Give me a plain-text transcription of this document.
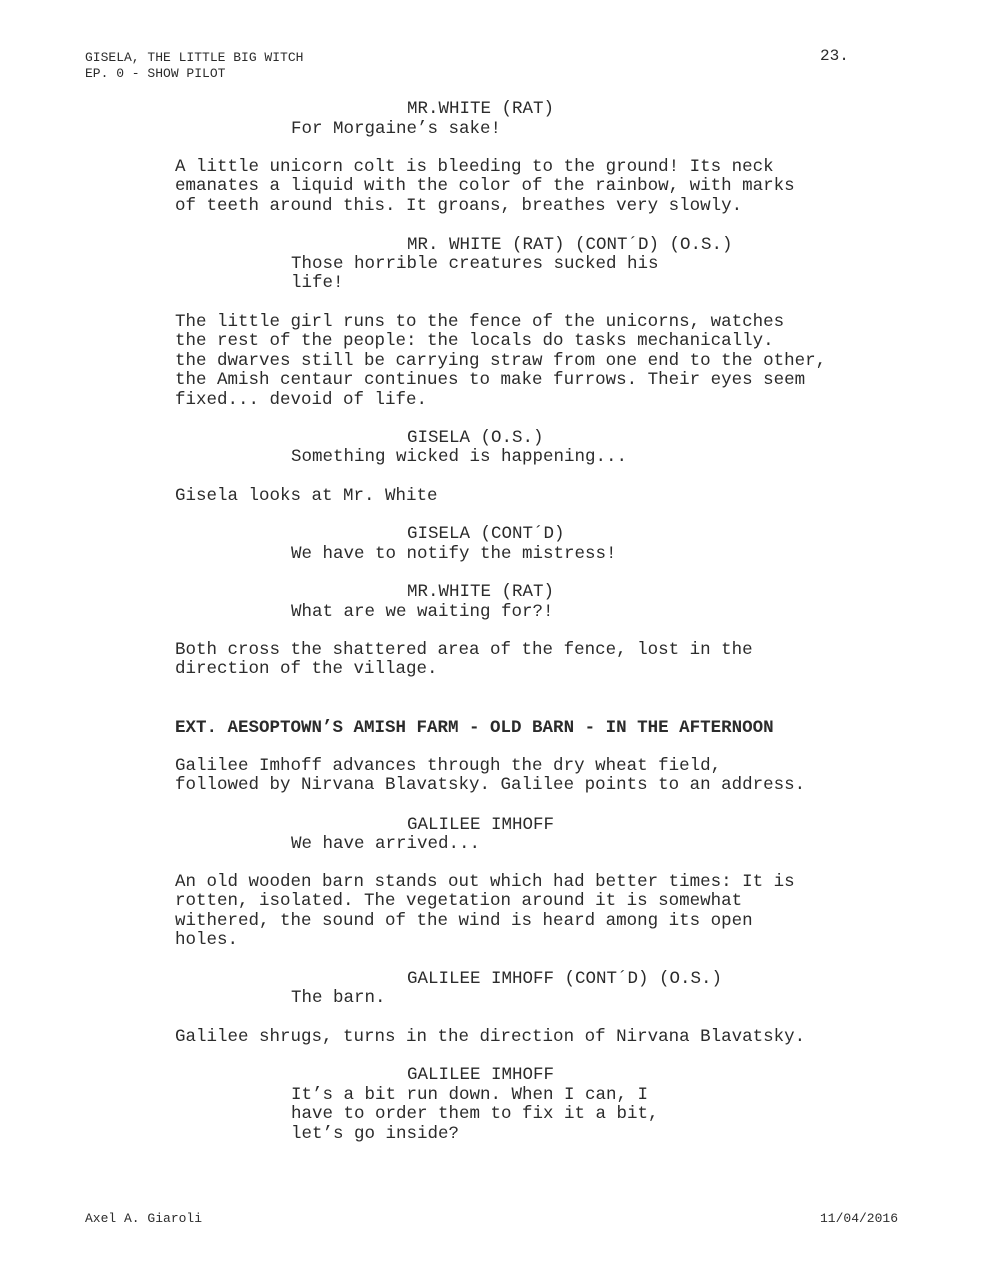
GISELA, THE LITTLE BIG WITCH
EP. 0 - SHOW PILOT
23.
MR.WHITE (RAT)
For Morgaine’s sake!
A little unicorn colt is bleeding to the ground! Its neck
emanates a liquid with the color of the rainbow, with marks
of teeth around this. It groans, breathes very slowly.
MR. WHITE (RAT) (CONT´D) (O.S.)
Those horrible creatures sucked his
life!
The little girl runs to the fence of the unicorns, watches
the rest of the people: the locals do tasks mechanically.
the dwarves still be carrying straw from one end to the other,
the Amish centaur continues to make furrows. Their eyes seem
fixed... devoid of life.
GISELA (O.S.)
Something wicked is happening...
Gisela looks at Mr. White
GISELA (CONT´D)
We have to notify the mistress!
MR.WHITE (RAT)
What are we waiting for?!
Both cross the shattered area of the fence, lost in the
direction of the village.
EXT. AESOPTOWN’S AMISH FARM - OLD BARN - IN THE AFTERNOON
Galilee Imhoff advances through the dry wheat field,
followed by Nirvana Blavatsky. Galilee points to an address.
GALILEE IMHOFF
We have arrived...
An old wooden barn stands out which had better times: It is
rotten, isolated. The vegetation around it is somewhat
withered, the sound of the wind is heard among its open
holes.
GALILEE IMHOFF (CONT´D) (O.S.)
The barn.
Galilee shrugs, turns in the direction of Nirvana Blavatsky.
GALILEE IMHOFF
It’s a bit run down. When I can, I
have to order them to fix it a bit,
let’s go inside?
Axel A. Giaroli	11/04/2016
